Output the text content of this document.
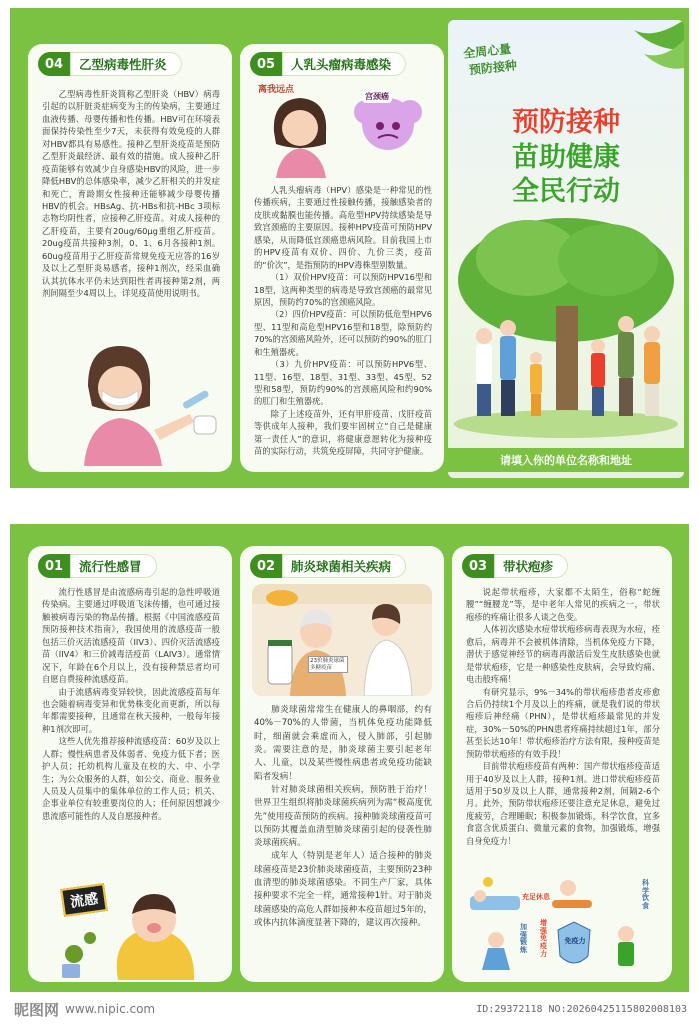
04	乙型病毒性肝炎

乙型病毒性肝炎简称乙型肝炎（HBV）病毒引起的以肝脏炎症病变为主的传染病，主要通过血液传播、母婴传播和性传播。HBV可在环境表面保持传染性至少7天，未获得有效免疫的人群对HBV都具有易感性。接种乙型肝炎疫苗是预防乙型肝炎最经济、最有效的措施。成人接种乙肝疫苗能够有效减少自身感染HBV的风险，进一步降低HBV的总体感染率，减少乙肝相关的并发症和死亡，育龄期女性接种还能够减少母婴传播HBV的机会。HBsAg、抗-HBs和抗-HBc 3项标志物均阴性者，应接种乙肝疫苗。对成人接种的乙肝疫苗，主要有20ug/60μg重组乙肝疫苗。20ug疫苗共接种3剂，0、1、6月各接种1剂。60ug疫苗用于乙肝疫苗常规免疫无应答的16岁及以上乙型肝炎易感者，接种1剂次，经采血确认其抗体水平仍未达到阳性者再接种第2剂，两剂间隔至少4周以上，详见疫苗使用说明书。

05	人乳头瘤病毒感染
离我远点
宫颈癌

人乳头瘤病毒（HPV）感染是一种常见的性传播疾病，主要通过性接触传播，接触感染者的皮肤或黏膜也能传播。高危型HPV持续感染是导致宫颈癌的主要原因。接种HPV疫苗可预防HPV感染，从而降低宫颈癌患病风险。目前我国上市的HPV疫苗有双价、四价、九价三类，疫苗的“价次”，是指预防的HPV毒株型别数量。

（1）双价HPV疫苗：可以预防HPV16型和18型，这两种类型的病毒是导致宫颈癌的最常见原因，预防约70%的宫颈癌风险。

（2）四价HPV疫苗：可以预防低危型HPV6型、11型和高危型HPV16型和18型，除预防约70%的宫颈癌风险外，还可以预防约90%的肛门和生殖器疣。

（3）九价HPV疫苗：可以预防HPV6型、11型、16型、18型、31型、33型、45型、52型和58型，预防约90%的宫颈癌风险和约90%的肛门和生殖器疣。

除了上述疫苗外，还有甲肝疫苗、戊肝疫苗等供成年人接种，我们要牢固树立“自己是健康第一责任人”的意识，将健康意愿转化为接种疫苗的实际行动，共筑免疫屏障，共同守护健康。

全周心量
预防接种
预防接种
苗助健康
全民行动
请填入你的单位名称和地址
01	流行性感冒

流行性感冒是由流感病毒引起的急性呼吸道传染病。主要通过呼吸道飞沫传播，也可通过接触被病毒污染的物品传播。根据《中国流感疫苗预防接种技术指南》，我国使用的流感疫苗一般包括三价灭活流感疫苗（IIV3）、四价灭活流感疫苗（IIV4）和三价减毒活疫苗（LAIV3）。通常情况下，年龄在6个月以上，没有接种禁忌者均可自愿自费接种流感疫苗。

由于流感病毒变异较快，因此流感疫苗每年也会随着病毒变异和优势株变化而更新，所以每年都需要接种，且通常在秋天接种，一般每年接种1剂次即可。

这些人优先推荐接种流感疫苗：60岁及以上人群；慢性病患者及体弱者、免疫力低下者；医护人员；托幼机构儿童及在校的大、中、小学生；为公众服务的人群，如公交、商业、服务业人员及人员集中的集体单位的工作人员；机关、企事业单位有较重要岗位的人；任何原因想减少患流感可能性的人及自愿接种者。

流感
02	肺炎球菌相关疾病
23价肺炎球菌多糖疫苗

肺炎球菌常常生在健康人的鼻咽部，约有40%－70%的人带菌，当机体免疫功能降低时，细菌就会乘虚而入，侵入肺部，引起肺炎。需要注意的是，肺炎球菌主要引起老年人、儿童，以及某些慢性病患者或免疫功能缺陷者发病！

针对肺炎球菌相关疾病，预防胜于治疗！世界卫生组织将肺炎球菌疾病列为需“极高度优先”使用疫苗预防的疾病。接种肺炎球菌疫苗可以预防其覆盖血清型肺炎球菌引起的侵袭性肺炎球菌疾病。

成年人（特别是老年人）适合接种的肺炎球菌疫苗是23价肺炎球菌疫苗，主要预防23种血清型的肺炎球菌感染。不同生产厂家，具体接种要求不完全一样，通常接种1针。对于肺炎球菌感染的高危人群如接种本疫苗超过5年的，或体内抗体滴度显著下降的，建议再次接种。

03	带状疱疹

说起带状疱疹，大家都不太陌生，俗称“蛇缠腰”“缠腰龙”等，是中老年人常见的疾病之一，带状疱疹的疼痛让很多人谈之色变。

人体初次感染水痘带状疱疹病毒表现为水痘，痊愈后，病毒并不会被机体清除，当机体免疫力下降，潜伏于感觉神经节的病毒再激活后发生皮肤感染也就是带状疱疹，它是一种感染性皮肤病，会导致灼痛、电击般疼痛！

有研究显示，9%－34%的带状疱疹患者皮疹愈合后仍持续1个月及以上的疼痛，就是我们说的带状疱疹后神经痛（PHN），是带状疱疹最常见的并发症，30%－50%的PHN患者疼痛持续超过1年，部分甚至长达10年！带状疱疹治疗方法有限，接种疫苗是预防带状疱疹的有效手段！

目前带状疱疹疫苗有两种：国产带状疱疹疫苗适用于40岁及以上人群，接种1剂。进口带状疱疹疫苗适用于50岁及以上人群，通常接种2剂，间隔2-6个月。此外，预防带状疱疹还要注意充足休息，避免过度疲劳，合理睡眠；积极参加锻炼，科学饮食，宜多食富含优质蛋白、微量元素的食物，加强锻炼，增强自身免疫力！

充足休息
科学饮食
加强锻炼
增强免疫力
免疫力
昵图网 www.nipic.com	ID:29372118 NO:20260425115802008103
